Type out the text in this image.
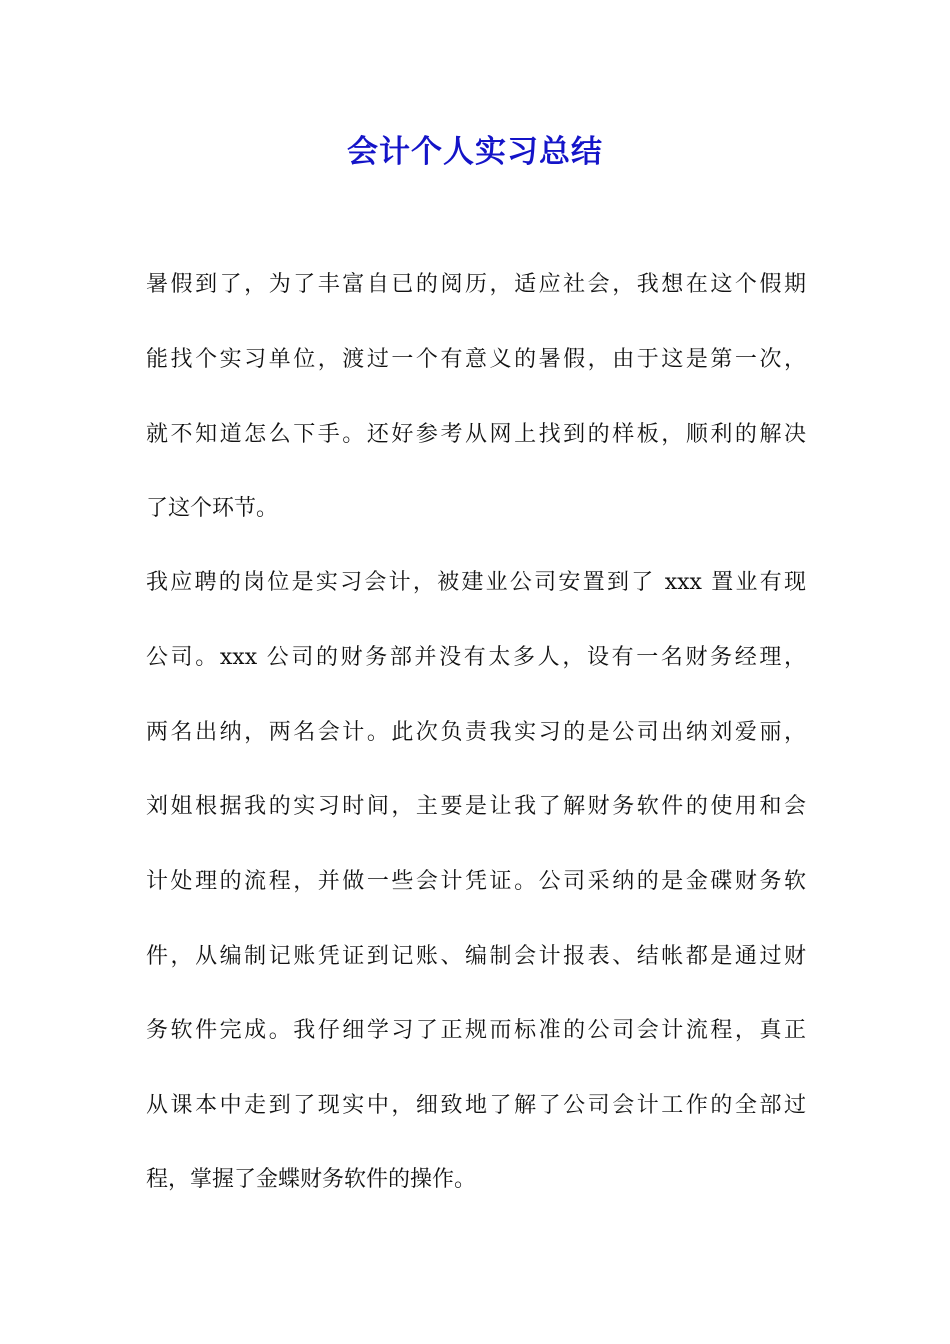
会计个人实习总结
暑假到了，为了丰富自已的阅历，适应社会，我想在这个假期
能找个实习单位，渡过一个有意义的暑假，由于这是第一次，
就不知道怎么下手。还好参考从网上找到的样板，顺利的解决
了这个环节。
我应聘的岗位是实习会计，被建业公司安置到了 xxx 置业有现
公司。xxx 公司的财务部并没有太多人，设有一名财务经理，
两名出纳，两名会计。此次负责我实习的是公司出纳刘爱丽，
刘姐根据我的实习时间，主要是让我了解财务软件的使用和会
计处理的流程，并做一些会计凭证。公司采纳的是金碟财务软
件，从编制记账凭证到记账、编制会计报表、结帐都是通过财
务软件完成。我仔细学习了正规而标准的公司会计流程，真正
从课本中走到了现实中，细致地了解了公司会计工作的全部过
程，掌握了金蝶财务软件的操作。
